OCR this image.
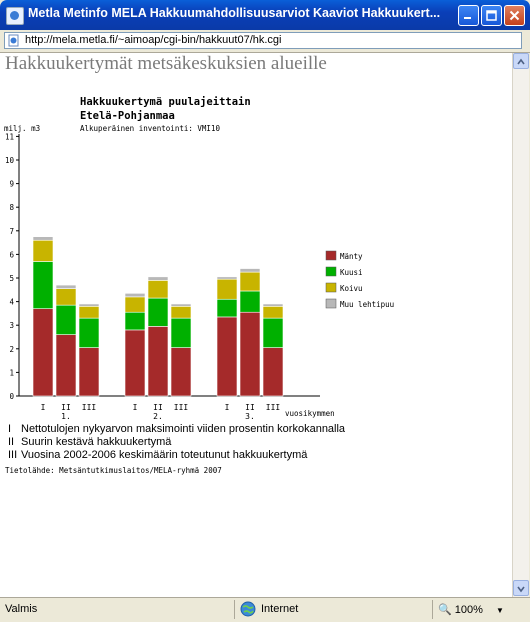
Metla Metinfo MELA Hakkuumahdollisuusarviot Kaaviot Hakkuukert...
http://mela.metla.fi/~aimoap/cgi-bin/hakkuut07/hk.cgi
Hakkuukertymät metsäkeskuksien alueille
Hakkuukertymä puulajeittain
Etelä-Pohjanmaa
milj. m3	Alkuperäinen inventointi: VMI10
vuosikymmen
0
1
2
3
4
5
6
7
8
9
10
11
I II III	I II III	I II III
1.	2.	3.
Mänty
Kuusi
Koivu
Muu lehtipuu
I Nettotulojen nykyarvon maksimointi viiden prosentin korkokannalla
II Suurin kestävä hakkuukertymä
III Vuosina 2002-2006 keskimäärin toteutunut hakkuukertymä
Tietolähde: Metsäntutkimuslaitos/MELA-ryhmä 2007
Valmis	Internet	🔍 100% ▼
